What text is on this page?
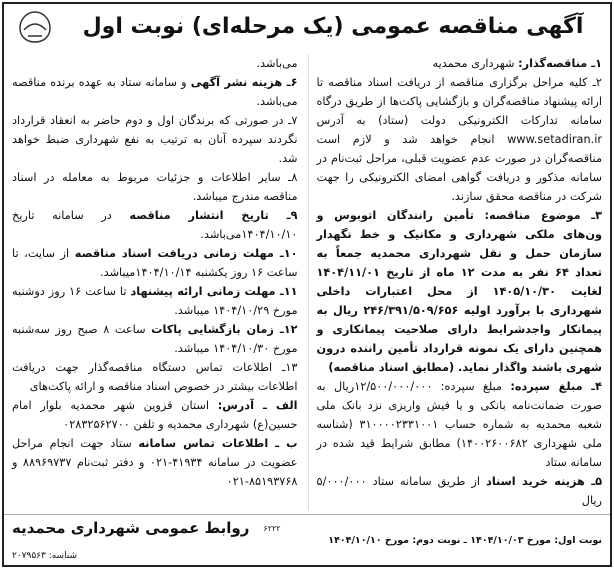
آگهی مناقصه عمومی (یک مرحله‌ای) نوبت اول

۱ـ مناقصه‌گذار: شهرداری محمدیه

۲ـ کلیه مراحل برگزاری مناقصه از دریافت اسناد مناقصه تا ارائه پیشنهاد مناقصه‌گران و بازگشایی پاکت‌ها از طریق درگاه سامانه تدارکات الکترونیکی دولت (ستاد) به آدرس www.setadiran.ir انجام خواهد شد و لازم است مناقصه‌گران در صورت عدم عضویت قبلی، مراحل ثبت‌نام در سامانه مذکور و دریافت گواهی امضای الکترونیکی را جهت شرکت در مناقصه محقق سازند.

۳ـ موضوع مناقصه: تأمین رانندگان اتوبوس و ون‌های ملکی شهرداری و مکانیک و خط نگهدار سازمان حمل و نقل شهرداری محمدیه جمعاً به تعداد ۶۴ نفر به مدت ۱۲ ماه از تاریخ ۱۴۰۴/۱۱/۰۱ لغایت ۱۴۰۵/۱۰/۳۰ از محل اعتبارات داخلی شهرداری با برآورد اولیه ۲۴۶/۳۹۱/۵۰۹/۶۵۶ ریال به پیمانکار واجدشرایط دارای صلاحیت پیمانکاری و همچنین دارای یک نمونه قرارداد تأمین راننده درون شهری باشند واگذار نماید. (مطابق اسناد مناقصه)

۴ـ مبلغ سپرده: مبلغ سپرده: ۱۲/۵۰۰/۰۰۰/۰۰۰ریال به صورت ضمانت‌نامه بانکی و یا فیش واریزی نزد بانک ملی شعبه محمدیه به شماره حساب ۳۱۰۰۰۰۲۳۳۱۰۰۱ (شناسه ملی شهرداری ۱۴۰۰۲۶۰۰۶۸۲) مطابق شرایط قید شده در سامانه ستاد

۵ـ هزینه خرید اسناد از طریق سامانه ستاد ۵/۰۰۰/۰۰۰ ریال

می‌باشد.

۶ـ هزینه نشر آگهی و سامانه ستاد به عهده برنده مناقصه می‌باشد.

۷ـ در صورتی که برندگان اول و دوم حاضر به انعقاد قرارداد نگردند سپرده آنان به ترتیب به نفع شهرداری ضبط خواهد شد.

۸ـ سایر اطلاعات و جزئیات مربوط به معامله در اسناد مناقصه مندرج میباشد.

۹ـ تاریخ انتشار مناقصه در سامانه تاریخ ۱۴۰۴/۱۰/۱۰می‌باشد.

۱۰ـ مهلت زمانی دریافت اسناد مناقصه از سایت، تا ساعت ۱۶ روز یکشنبه ۱۴۰۴/۱۰/۱۴میباشد.

۱۱ـ مهلت زمانی ارائه پیشنهاد تا ساعت ۱۶ روز دوشنبه مورخ ۱۴۰۴/۱۰/۲۹ میباشد.

۱۲ـ زمان بازگشایی پاکات ساعت ۸ صبح روز سه‌شنبه مورخ ۱۴۰۴/۱۰/۳۰ میباشد.

۱۳ـ اطلاعات تماس دستگاه مناقصه‌گذار جهت دریافت اطلاعات بیشتر در خصوص اسناد مناقصه و ارائه پاکت‌های

الف ـ آدرس: استان قزوین شهر محمدیه بلوار امام حسین(ع) شهرداری محمدیه و تلفن ۰۲۸۳۲۵۶۲۷۰۰

ب ـ اطلاعات تماس سامانه ستاد جهت انجام مراحل عضویت در سامانه ۴۱۹۳۴-۰۲۱ و دفتر ثبت‌نام ۸۸۹۶۹۷۳۷ و ۸۵۱۹۳۷۶۸-۰۲۱

نوبت اول: مورخ ۱۴۰۴/۱۰/۰۳ ـ نوبت دوم: مورخ ۱۴۰۴/۱۰/۱۰
روابط عمومی شهرداری محمدیه ۶۲۲۲
شناسه: ۲۰۷۹۵۶۳
